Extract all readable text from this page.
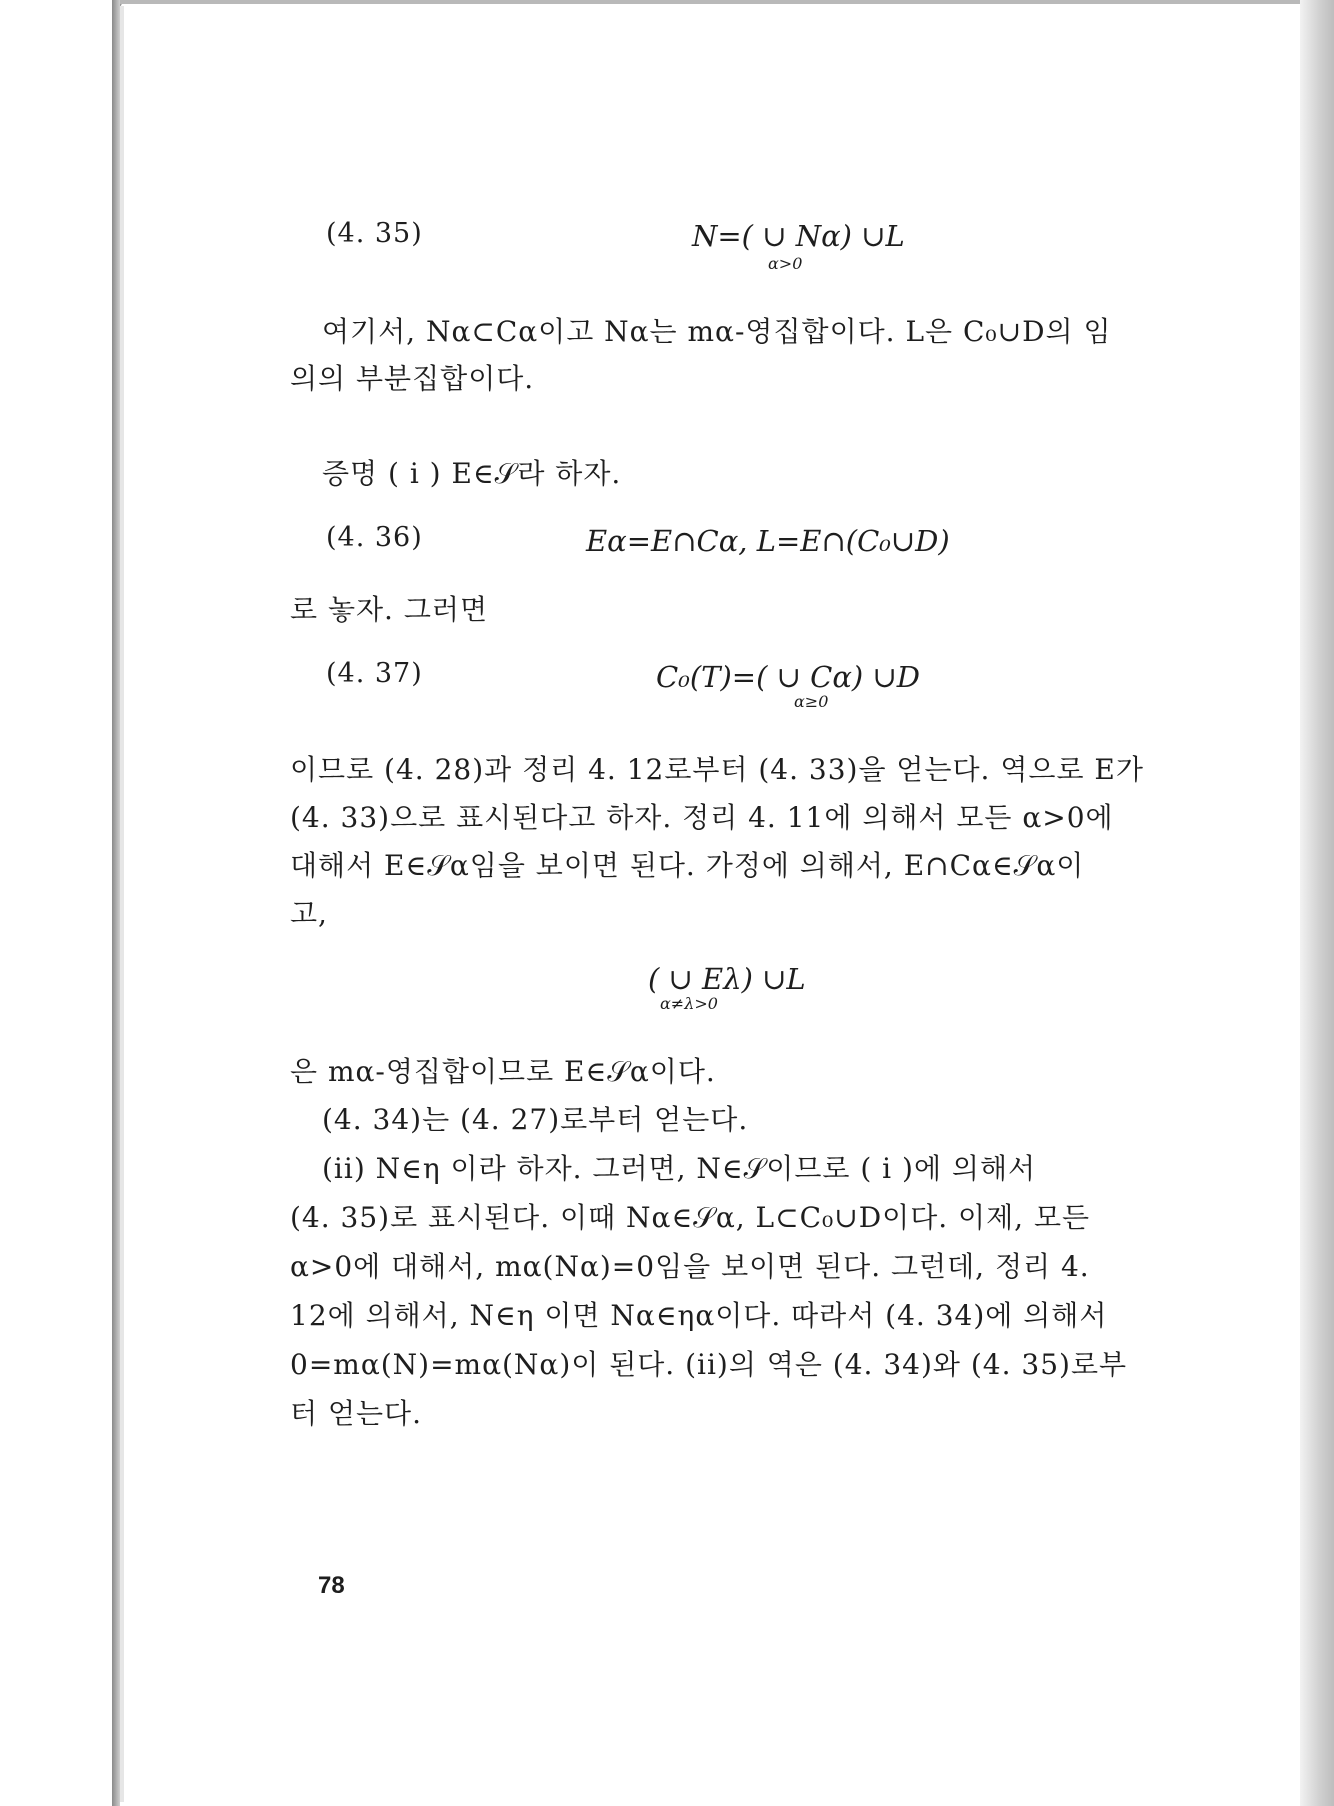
(4. 35)	N=( ∪ Nα) ∪L
α>0
여기서, Nα⊂Cα이고 Nα는 mα-영집합이다. L은 C₀∪D의 임
의의 부분집합이다.
증명 ( i ) E∈𝒮라 하자.
(4. 36)	Eα=E∩Cα, L=E∩(C₀∪D)
로 놓자. 그러면
(4. 37)	C₀(T)=( ∪ Cα) ∪D
α≥0
이므로 (4. 28)과 정리 4. 12로부터 (4. 33)을 얻는다. 역으로 E가
(4. 33)으로 표시된다고 하자. 정리 4. 11에 의해서 모든 α>0에
대해서 E∈𝒮α임을 보이면 된다. 가정에 의해서, E∩Cα∈𝒮α이
고,
( ∪ Eλ) ∪L
α≠λ>0
은 mα-영집합이므로 E∈𝒮α이다.
(4. 34)는 (4. 27)로부터 얻는다.
(ii) N∈η 이라 하자. 그러면, N∈𝒮이므로 ( i )에 의해서
(4. 35)로 표시된다. 이때 Nα∈𝒮α, L⊂C₀∪D이다. 이제, 모든
α>0에 대해서, mα(Nα)=0임을 보이면 된다. 그런데, 정리 4.
12에 의해서, N∈η 이면 Nα∈ηα이다. 따라서 (4. 34)에 의해서
0=mα(N)=mα(Nα)이 된다. (ii)의 역은 (4. 34)와 (4. 35)로부
터 얻는다.
78
